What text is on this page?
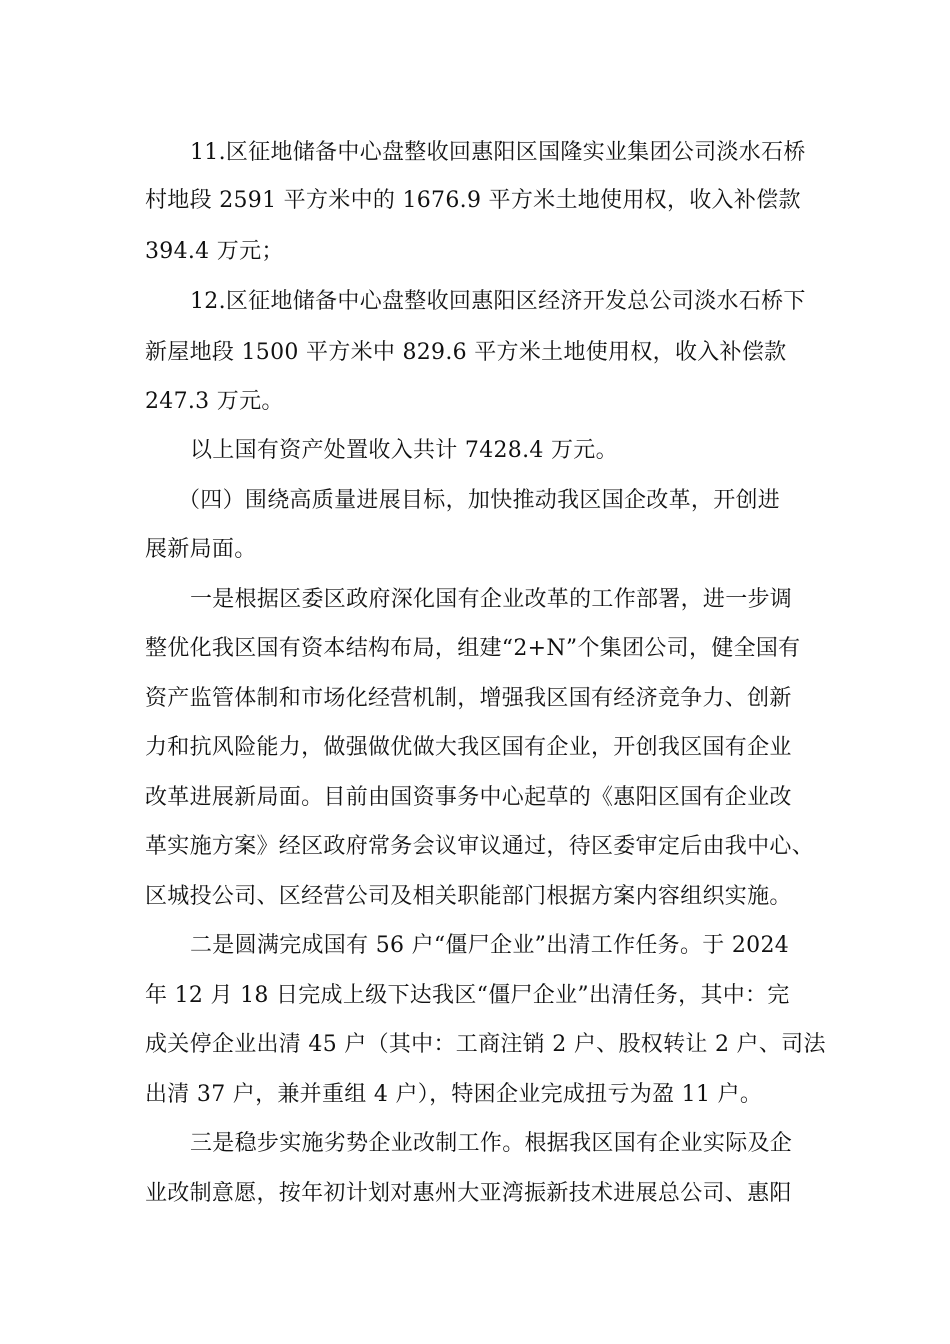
11.区征地储备中心盘整收回惠阳区国隆实业集团公司淡水石桥
村地段 2591 平方米中的 1676.9 平方米土地使用权，收入补偿款
394.4 万元；
12.区征地储备中心盘整收回惠阳区经济开发总公司淡水石桥下
新屋地段 1500 平方米中 829.6 平方米土地使用权，收入补偿款
247.3 万元。
以上国有资产处置收入共计 7428.4 万元。
（四）围绕高质量进展目标，加快推动我区国企改革，开创进
展新局面。
一是根据区委区政府深化国有企业改革的工作部署，进一步调
整优化我区国有资本结构布局，组建“2+N”个集团公司，健全国有
资产监管体制和市场化经营机制，增强我区国有经济竞争力、创新
力和抗风险能力，做强做优做大我区国有企业，开创我区国有企业
改革进展新局面。目前由国资事务中心起草的《惠阳区国有企业改
革实施方案》经区政府常务会议审议通过，待区委审定后由我中心、
区城投公司、区经营公司及相关职能部门根据方案内容组织实施。
二是圆满完成国有 56 户“僵尸企业”出清工作任务。于 2024
年 12 月 18 日完成上级下达我区“僵尸企业”出清任务，其中：完
成关停企业出清 45 户（其中：工商注销 2 户、股权转让 2 户、司法
出清 37 户，兼并重组 4 户），特困企业完成扭亏为盈 11 户。
三是稳步实施劣势企业改制工作。根据我区国有企业实际及企
业改制意愿，按年初计划对惠州大亚湾振新技术进展总公司、惠阳
